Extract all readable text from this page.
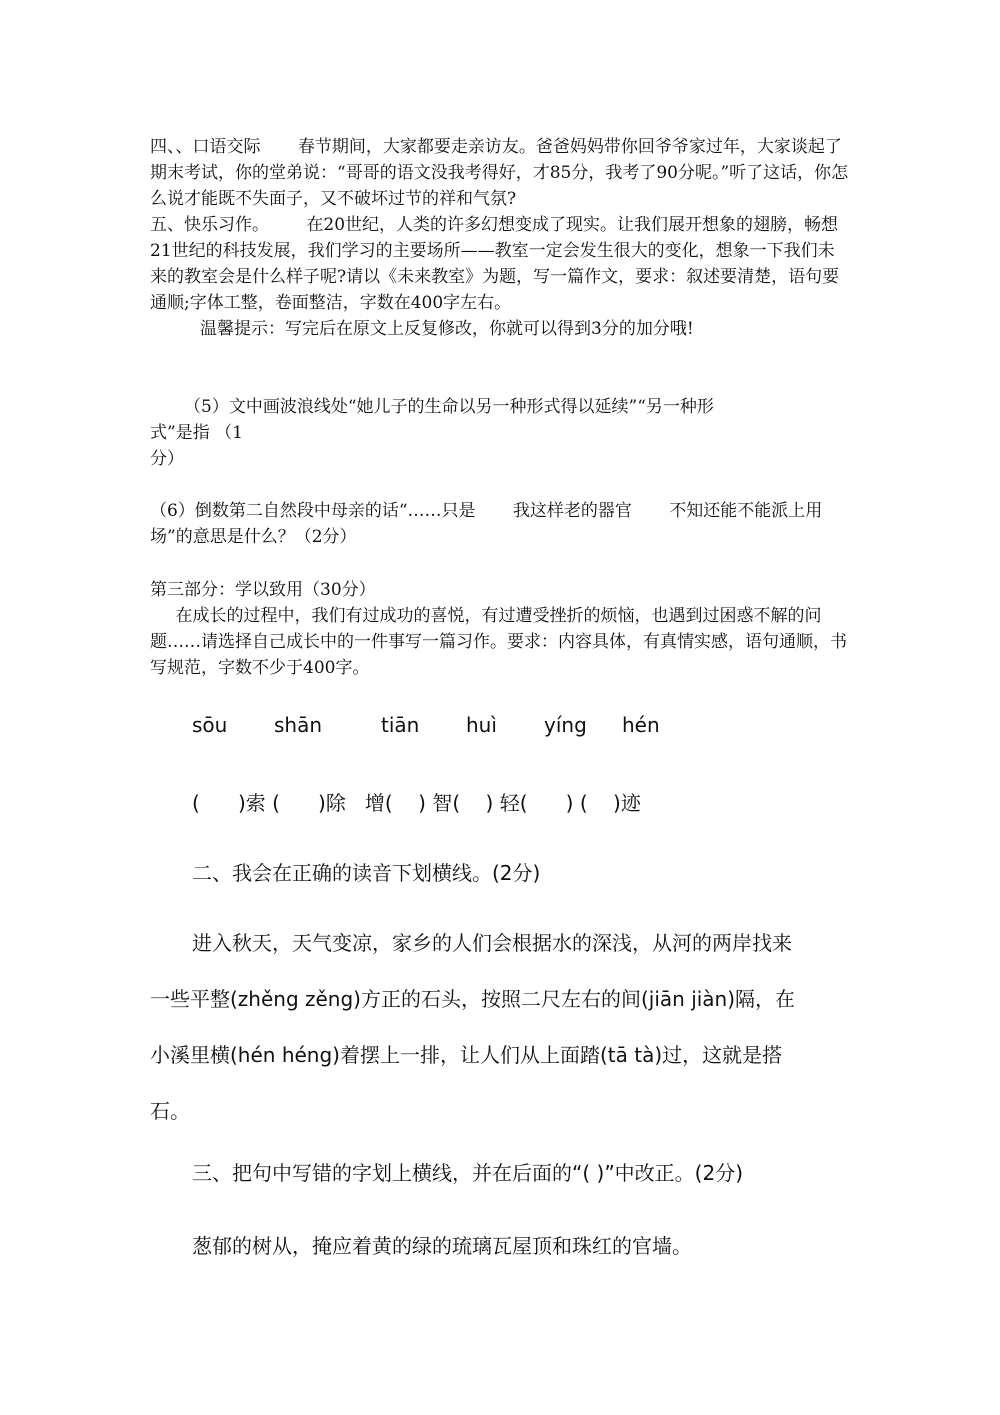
四、、口语交际 春节期间，大家都要走亲访友。爸爸妈妈带你回爷爷家过年，大家谈起了期末考试，你的堂弟说：“哥哥的语文没我考得好，才85分，我考了90分呢。”听了这话，你怎么说才能既不失面子，又不破坏过节的祥和气氛?

五、快乐习作。 在20世纪，人类的许多幻想变成了现实。让我们展开想象的翅膀，畅想21世纪的科技发展，我们学习的主要场所——教室一定会发生很大的变化，想象一下我们未来的教室会是什么样子呢?请以《未来教室》为题，写一篇作文，要求：叙述要清楚，语句要通顺;字体工整，卷面整洁，字数在400字左右。

温馨提示：写完后在原文上反复修改，你就可以得到3分的加分哦!

（5）文中画波浪线处“她儿子的生命以另一种形式得以延续”“另一种形
式”是指 （1
分）

（6）倒数第二自然段中母亲的话“……只是 我这样老的器官 不知还能不能派上用场”的意思是什么？（2分）

第三部分：学以致用（30分）
在成长的过程中，我们有过成功的喜悦，有过遭受挫折的烦恼，也遇到过困惑不解的问题……请选择自己成长中的一件事写一篇习作。要求：内容具体，有真情实感，语句通顺，书写规范，字数不少于400字。
sōu shān	tiān huì yíng hén
(      )索 (      )除   增(    ) 智(    ) 轻(      ) (    )迹
二、我会在正确的读音下划横线。(2分)
进入秋天，天气变凉，家乡的人们会根据水的深浅，从河的两岸找来
一些平整(zhěng zěng)方正的石头，按照二尺左右的间(jiān jiàn)隔，在
小溪里横(hén héng)着摆上一排，让人们从上面踏(tā tà)过，这就是搭
石。
三、把句中写错的字划上横线，并在后面的“( )”中改正。(2分)
葱郁的树从，掩应着黄的绿的琉璃瓦屋顶和珠红的官墙。
